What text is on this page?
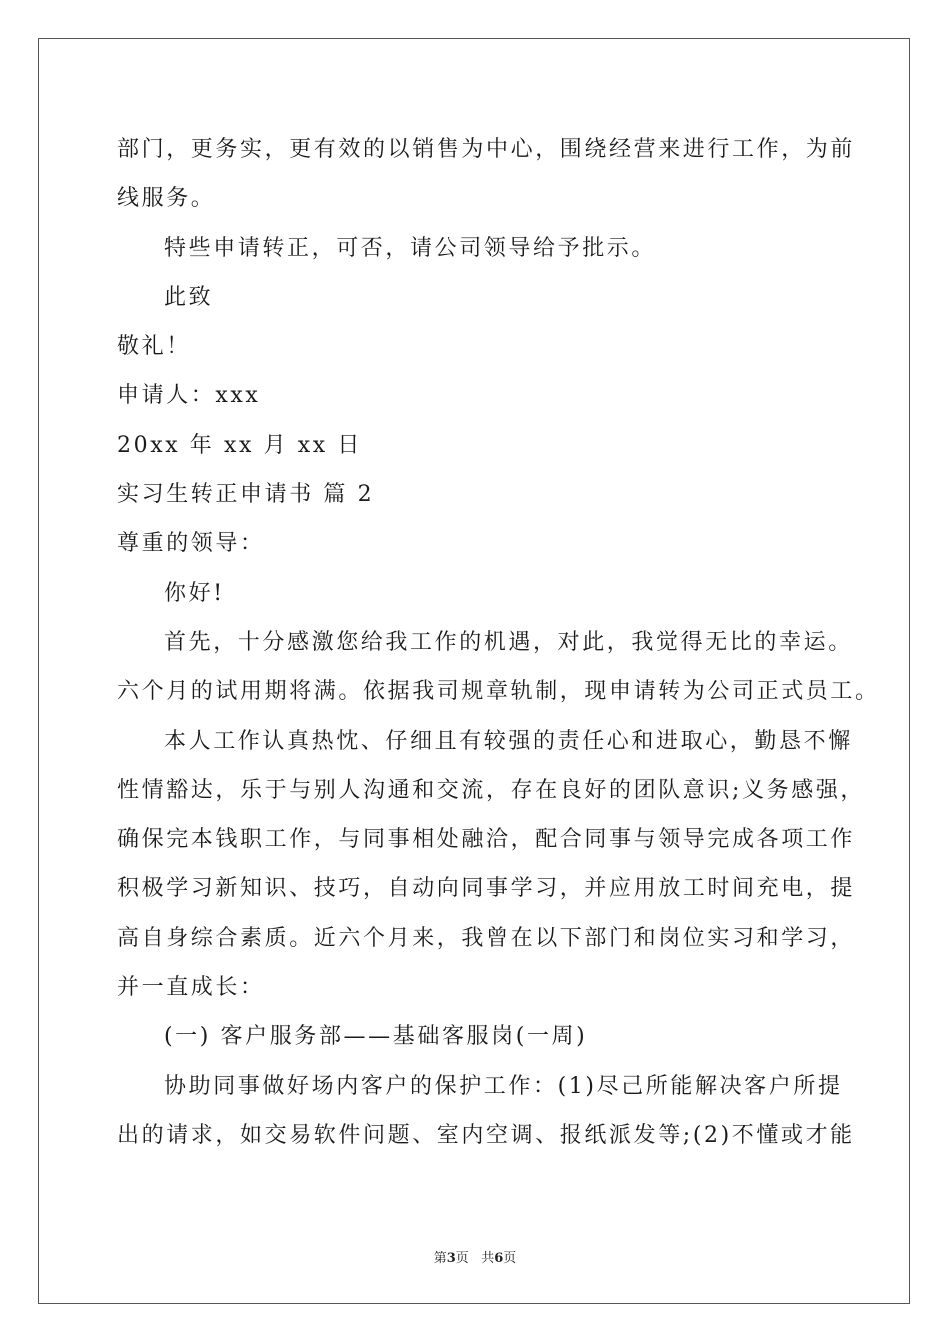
部门，更务实，更有效的以销售为中心，围绕经营来进行工作，为前
线服务。
特些申请转正，可否，请公司领导给予批示。
此致
敬礼！
申请人：xxx
20xx 年 xx 月 xx 日
实习生转正申请书 篇 2
尊重的领导：
你好!
首先，十分感激您给我工作的机遇，对此，我觉得无比的幸运。
六个月的试用期将满。依据我司规章轨制，现申请转为公司正式员工。
本人工作认真热忱、仔细且有较强的责任心和进取心，勤恳不懈
性情豁达，乐于与别人沟通和交流，存在良好的团队意识;义务感强，
确保完本钱职工作，与同事相处融洽，配合同事与领导完成各项工作
积极学习新知识、技巧，自动向同事学习，并应用放工时间充电，提
高自身综合素质。近六个月来，我曾在以下部门和岗位实习和学习，
并一直成长：
(一) 客户服务部——基础客服岗(一周)
协助同事做好场内客户的保护工作：(1)尽己所能解决客户所提
出的请求，如交易软件问题、室内空调、报纸派发等;(2)不懂或才能
第3页 共6页
